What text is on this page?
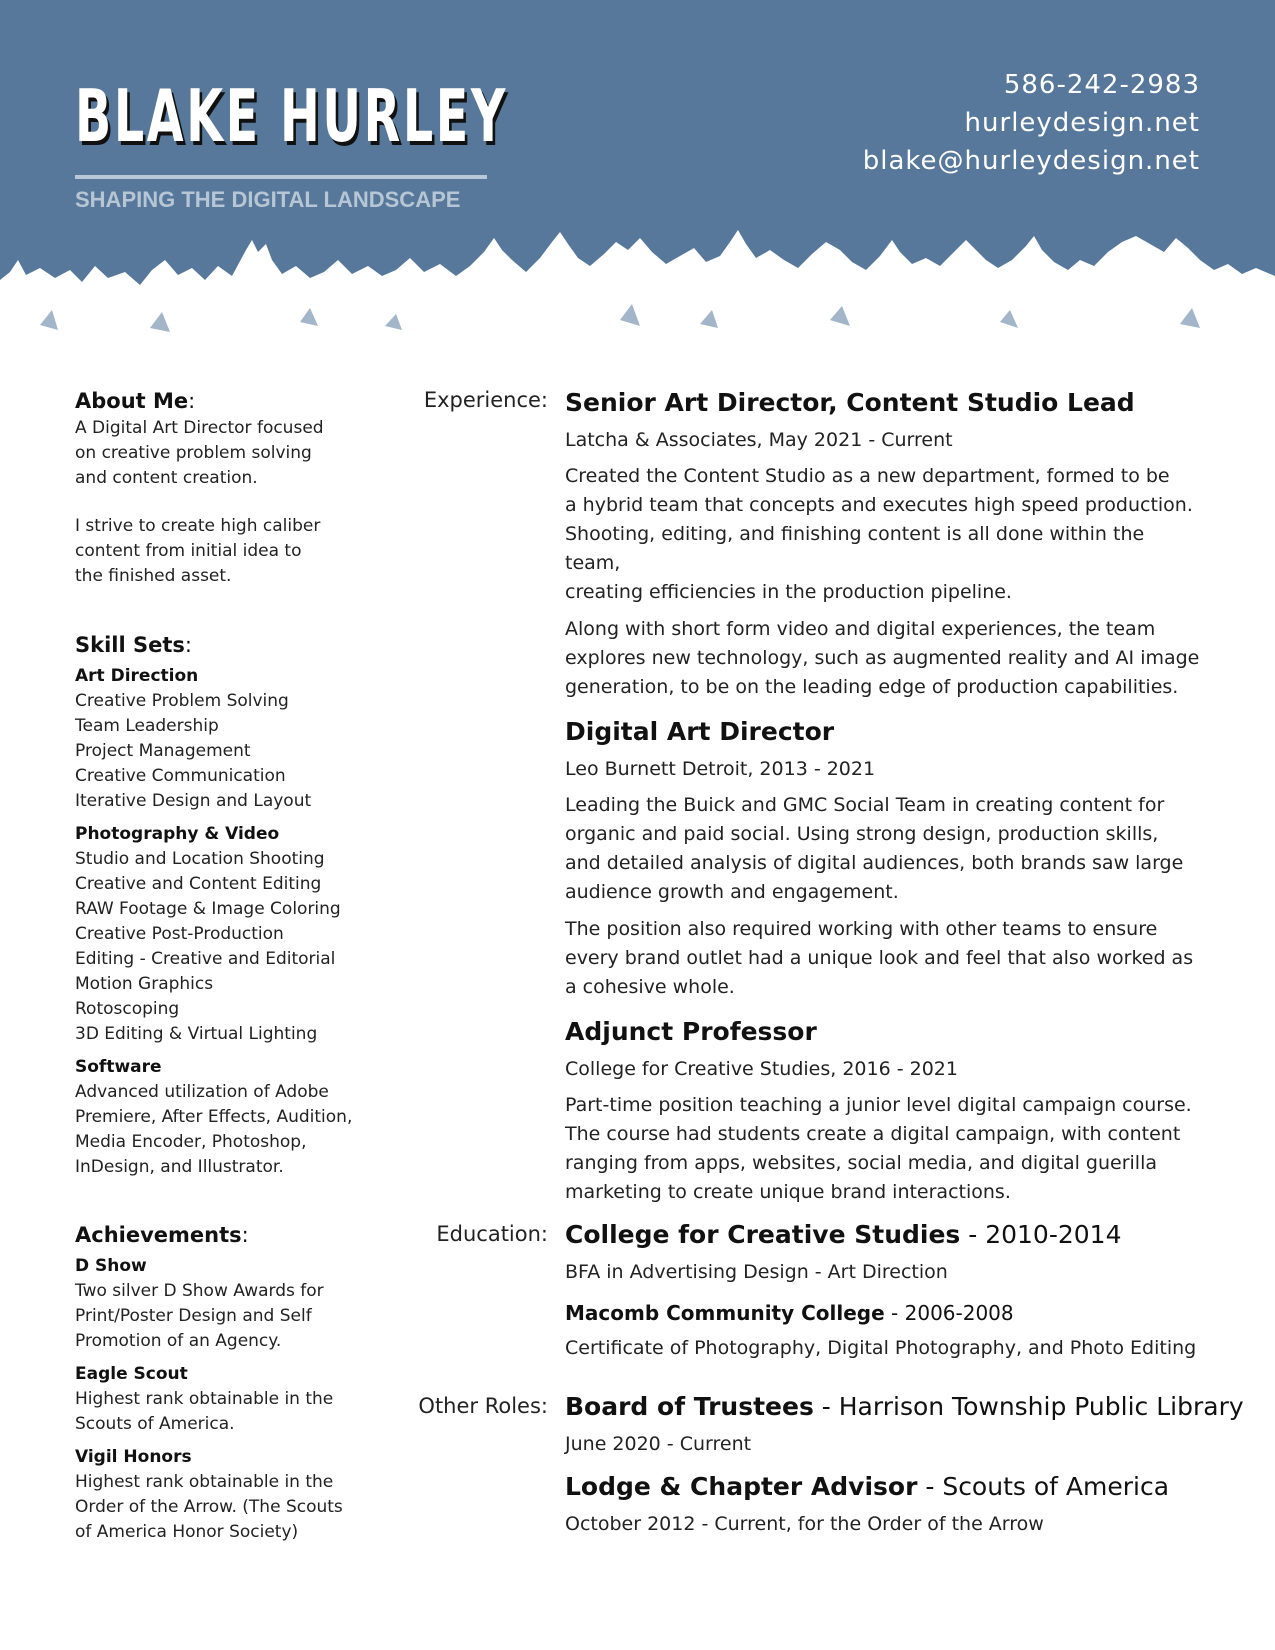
BLAKE HURLEY
SHAPING THE DIGITAL LANDSCAPE
586-242-2983
hurleydesign.net
blake@hurleydesign.net

About Me:

A Digital Art Director focused

on creative problem solving

and content creation.

I strive to create high caliber

content from initial idea to

the finished asset.

Skill Sets:

Art Direction

Creative Problem Solving

Team Leadership

Project Management

Creative Communication

Iterative Design and Layout

Photography & Video

Studio and Location Shooting

Creative and Content Editing

RAW Footage & Image Coloring

Creative Post-Production

Editing - Creative and Editorial

Motion Graphics

Rotoscoping

3D Editing & Virtual Lighting

Software

Advanced utilization of Adobe

Premiere, After Effects, Audition,

Media Encoder, Photoshop,

InDesign, and Illustrator.

Achievements:

D Show

Two silver D Show Awards for

Print/Poster Design and Self

Promotion of an Agency.

Eagle Scout

Highest rank obtainable in the

Scouts of America.

Vigil Honors

Highest rank obtainable in the

Order of the Arrow. (The Scouts

of America Honor Society)

Experience:
Education:
Other Roles:

Senior Art Director, Content Studio Lead

Latcha & Associates, May 2021 - Current

Created the Content Studio as a new department, formed to be
a hybrid team that concepts and executes high speed production.
Shooting, editing, and finishing content is all done within the team,
creating efficiencies in the production pipeline.
Along with short form video and digital experiences, the team
explores new technology, such as augmented reality and AI image
generation, to be on the leading edge of production capabilities.

Digital Art Director

Leo Burnett Detroit, 2013 - 2021

Leading the Buick and GMC Social Team in creating content for
organic and paid social. Using strong design, production skills,
and detailed analysis of digital audiences, both brands saw large
audience growth and engagement.
The position also required working with other teams to ensure
every brand outlet had a unique look and feel that also worked as
a cohesive whole.

Adjunct Professor

College for Creative Studies, 2016 - 2021

Part-time position teaching a junior level digital campaign course.
The course had students create a digital campaign, with content
ranging from apps, websites, social media, and digital guerilla
marketing to create unique brand interactions.

College for Creative Studies - 2010-2014

BFA in Advertising Design - Art Direction

Macomb Community College - 2006-2008

Certificate of Photography, Digital Photography, and Photo Editing

Board of Trustees - Harrison Township Public Library

June 2020 - Current

Lodge & Chapter Advisor - Scouts of America

October 2012 - Current, for the Order of the Arrow
